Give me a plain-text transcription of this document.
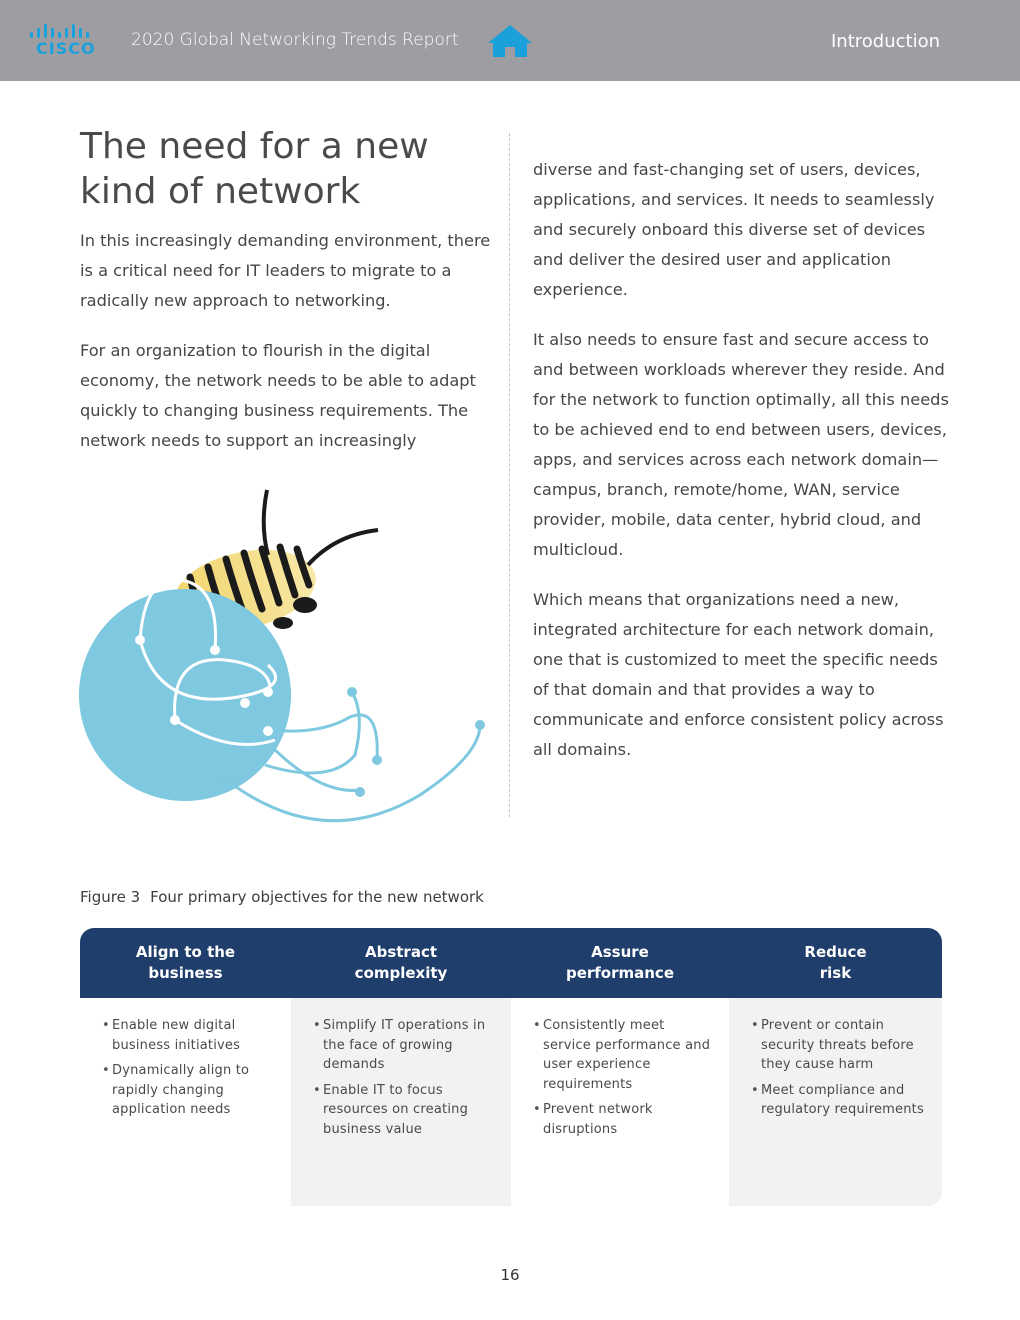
CISCO 2020 Global Networking Trends Report	Introduction
The need for a new
kind of network

In this increasingly demanding environment, there is a critical need for IT leaders to migrate to a radically new approach to networking.

For an organization to flourish in the digital economy, the network needs to be able to adapt quickly to changing business requirements. The network needs to support an increasingly

diverse and fast-changing set of users, devices, applications, and services. It needs to seamlessly and securely onboard this diverse set of devices and deliver the desired user and application experience.

It also needs to ensure fast and secure access to and between workloads wherever they reside. And for the network to function optimally, all this needs to be achieved end to end between users, devices, apps, and services across each network domain—campus, branch, remote/home, WAN, service provider, mobile, data center, hybrid cloud, and multicloud.

Which means that organizations need a new, integrated architecture for each network domain, one that is customized to meet the specific needs of that domain and that provides a way to communicate and enforce consistent policy across all domains.

Figure 3 Four primary objectives for the new network
Align to the
business
• Enable new digital business initiatives
• Dynamically align to rapidly changing application needs
Abstract
complexity
• Simplify IT operations in the face of growing demands
• Enable IT to focus resources on creating business value
Assure
performance
• Consistently meet service performance and user experience requirements
• Prevent network disruptions
Reduce
risk
• Prevent or contain security threats before they cause harm
• Meet compliance and regulatory requirements
16
